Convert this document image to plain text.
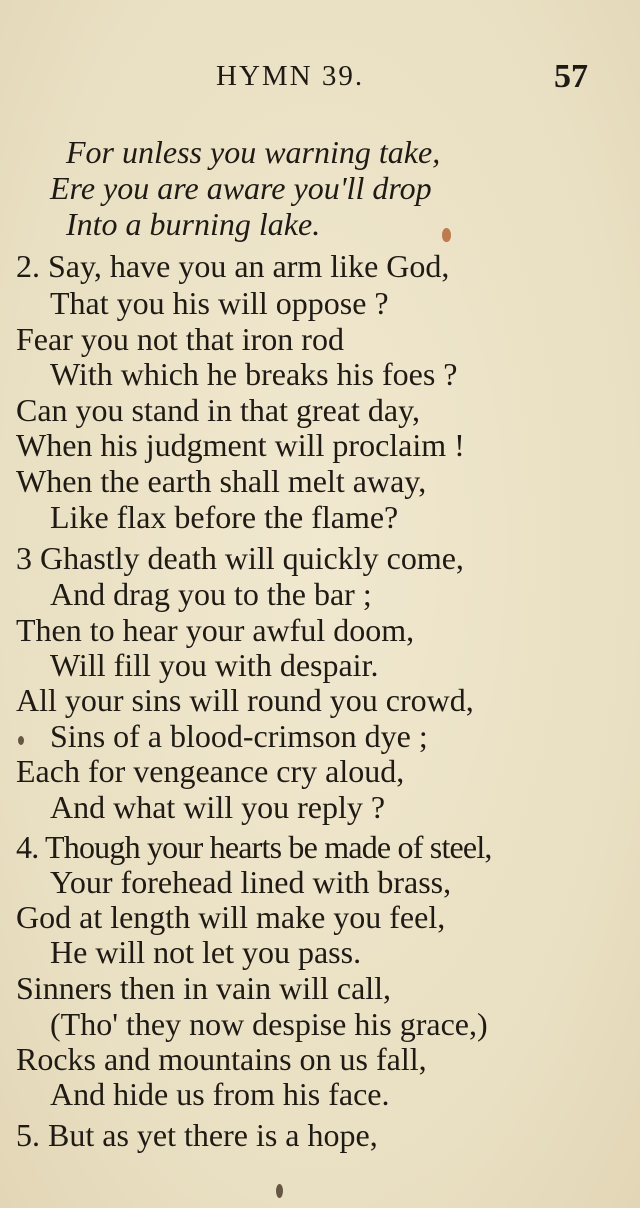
HYMN 39.	57
For unless you warning take,
Ere you are aware you'll drop
Into a burning lake.
2. Say, have you an arm like God,
That you his will oppose ?
Fear you not that iron rod
With which he breaks his foes ?
Can you stand in that great day,
When his judgment will proclaim !
When the earth shall melt away,
Like flax before the flame?
3 Ghastly death will quickly come,
And drag you to the bar ;
Then to hear your awful doom,
Will fill you with despair.
All your sins will round you crowd,
Sins of a blood-crimson dye ;
Each for vengeance cry aloud,
And what will you reply ?
4. Though your hearts be made of steel,
Your forehead lined with brass,
God at length will make you feel,
He will not let you pass.
Sinners then in vain will call,
(Tho' they now despise his grace,)
Rocks and mountains on us fall,
And hide us from his face.
5. But as yet there is a hope,
